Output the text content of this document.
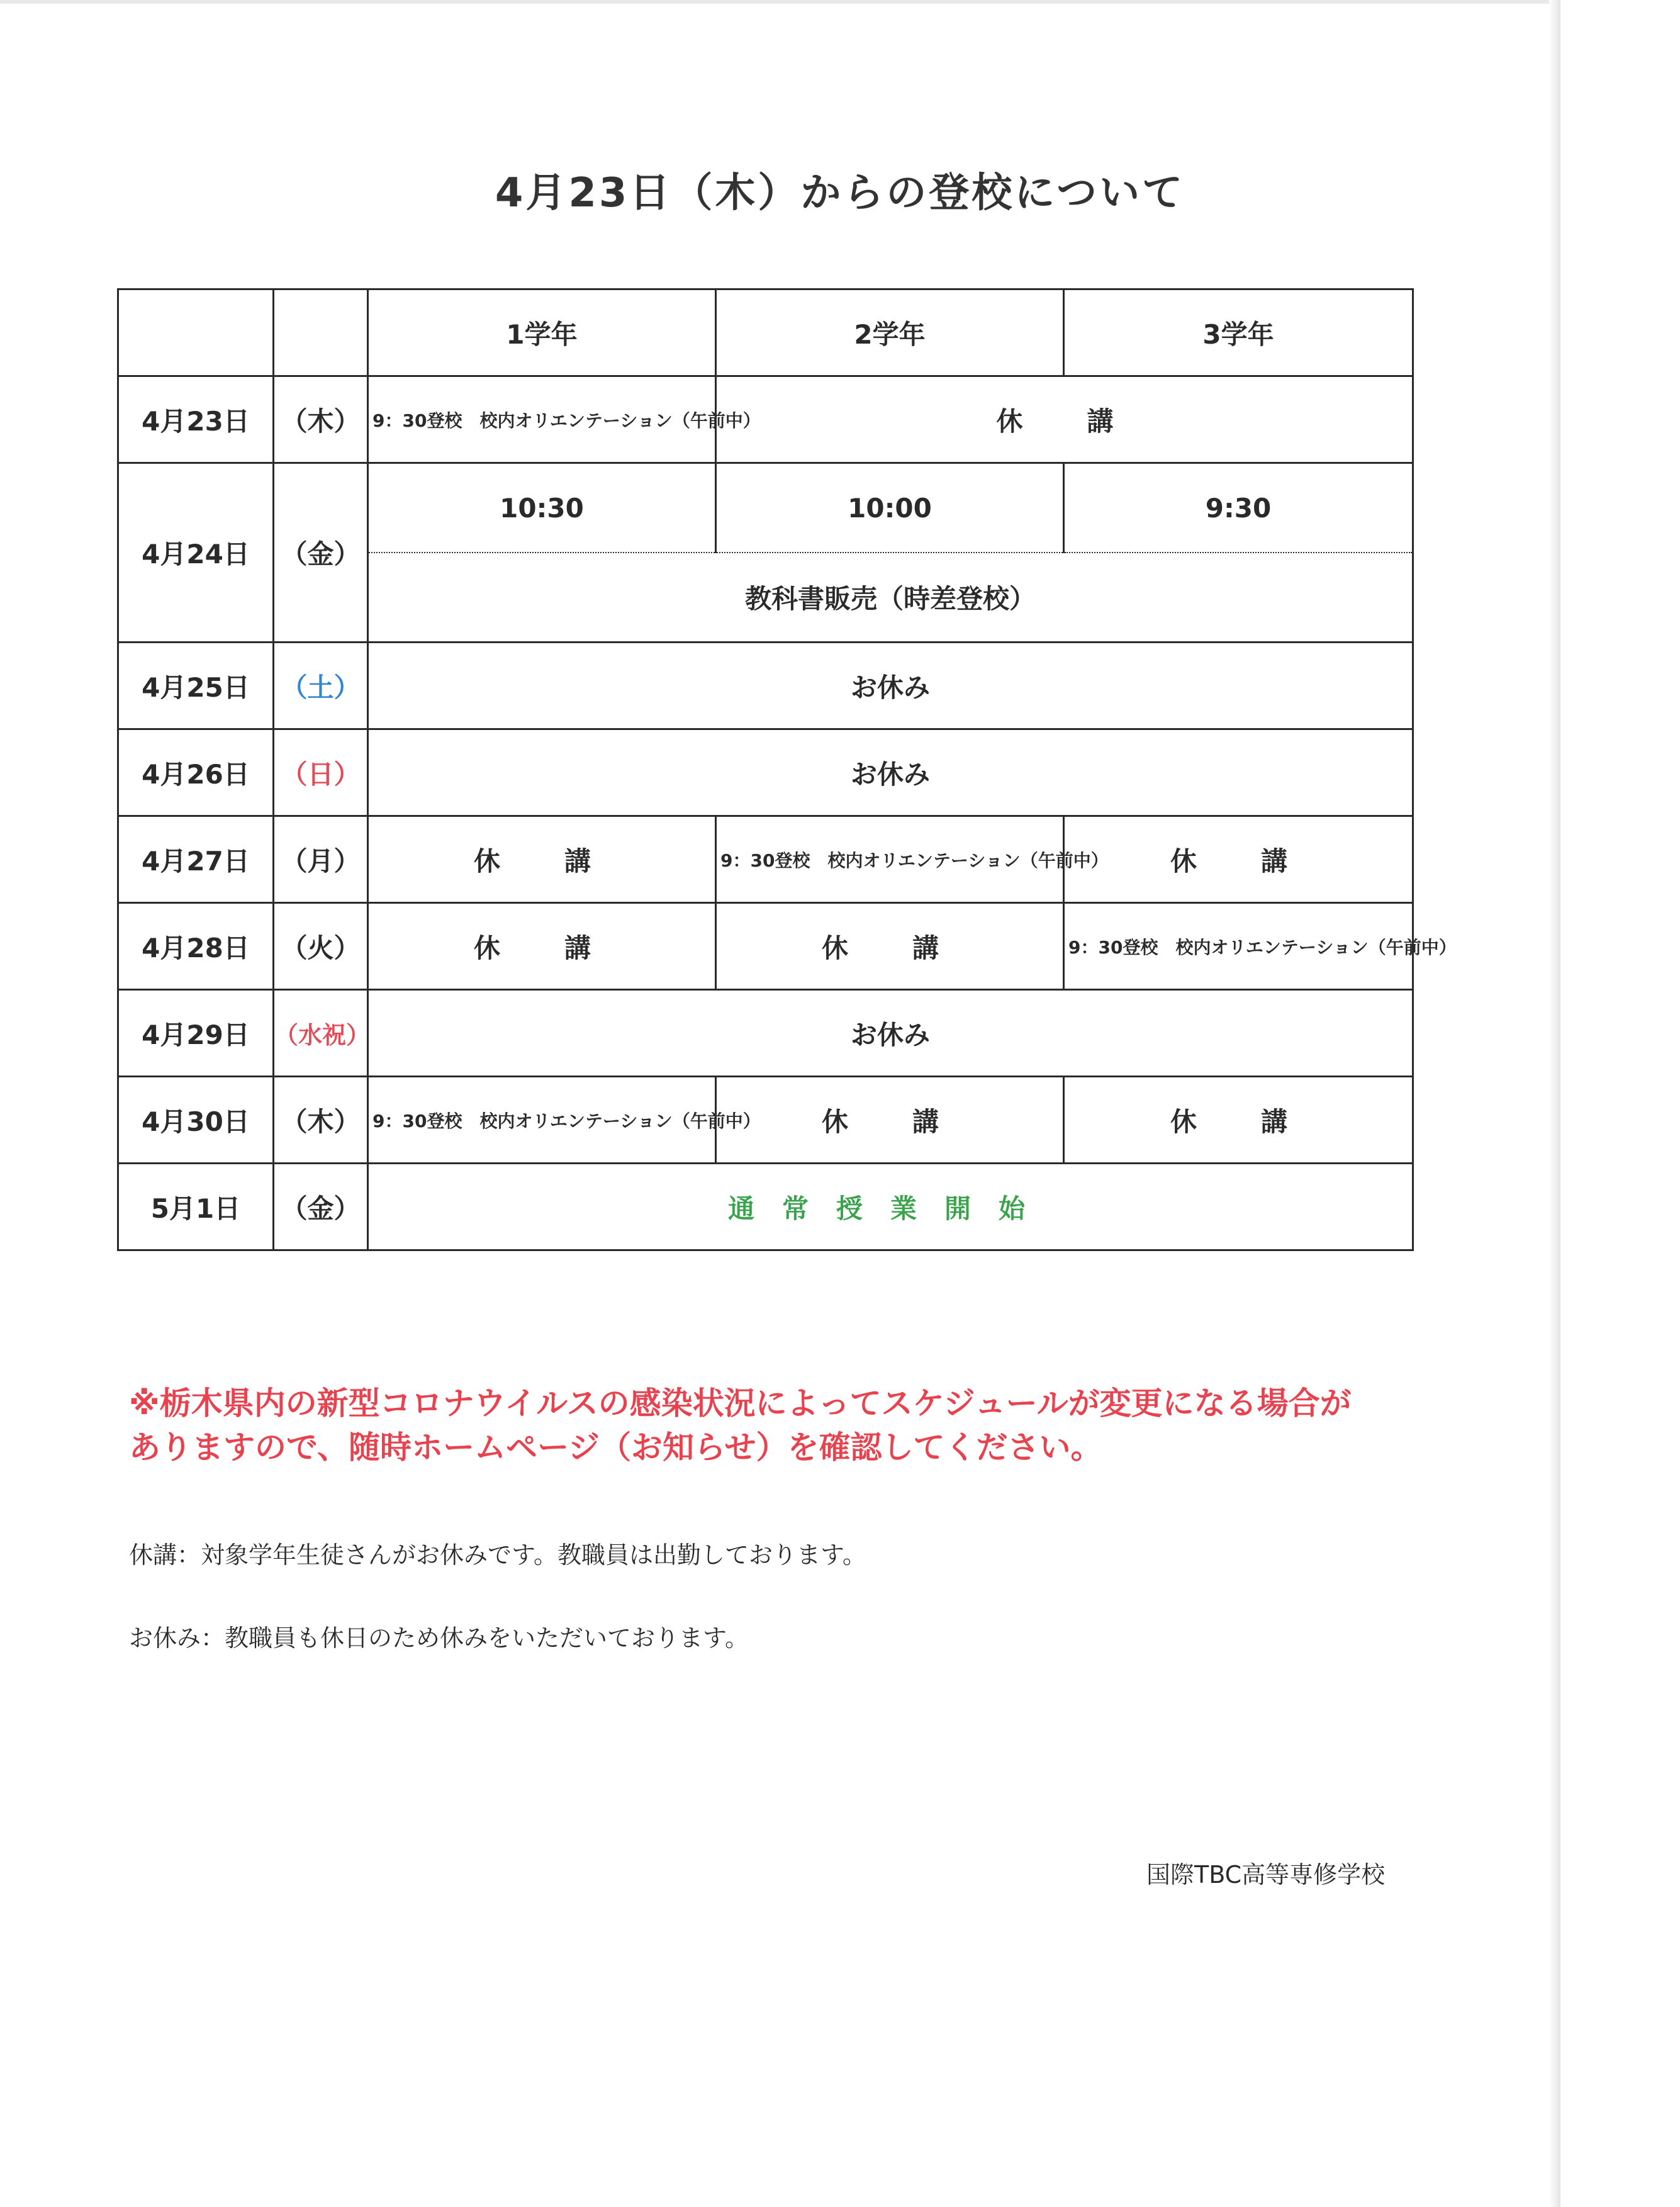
4月23日（木）からの登校について
		1学年	2学年	3学年
4月23日	（木）	9：30登校　校内オリエンテーション（午前中）	休　講	
4月24日	（金）	10:30	10:00	9:30
		教科書販売（時差登校）		
4月25日	（土）	お休み		
4月26日	（日）	お休み		
4月27日	（月）	休　講	9：30登校　校内オリエンテーション（午前中）	休　講
4月28日	（火）	休　講	休　講	9：30登校　校内オリエンテーション（午前中）
4月29日	（水祝）	お休み		
4月30日	（木）	9：30登校　校内オリエンテーション（午前中）	休　講	休　講
5月1日	（金）	通常授業開始		
※栃木県内の新型コロナウイルスの感染状況によってスケジュールが変更になる場合が
ありますので、随時ホームページ（お知らせ）を確認してください。
休講：対象学年生徒さんがお休みです。教職員は出勤しております。
お休み：教職員も休日のため休みをいただいております。
国際TBC高等専修学校
